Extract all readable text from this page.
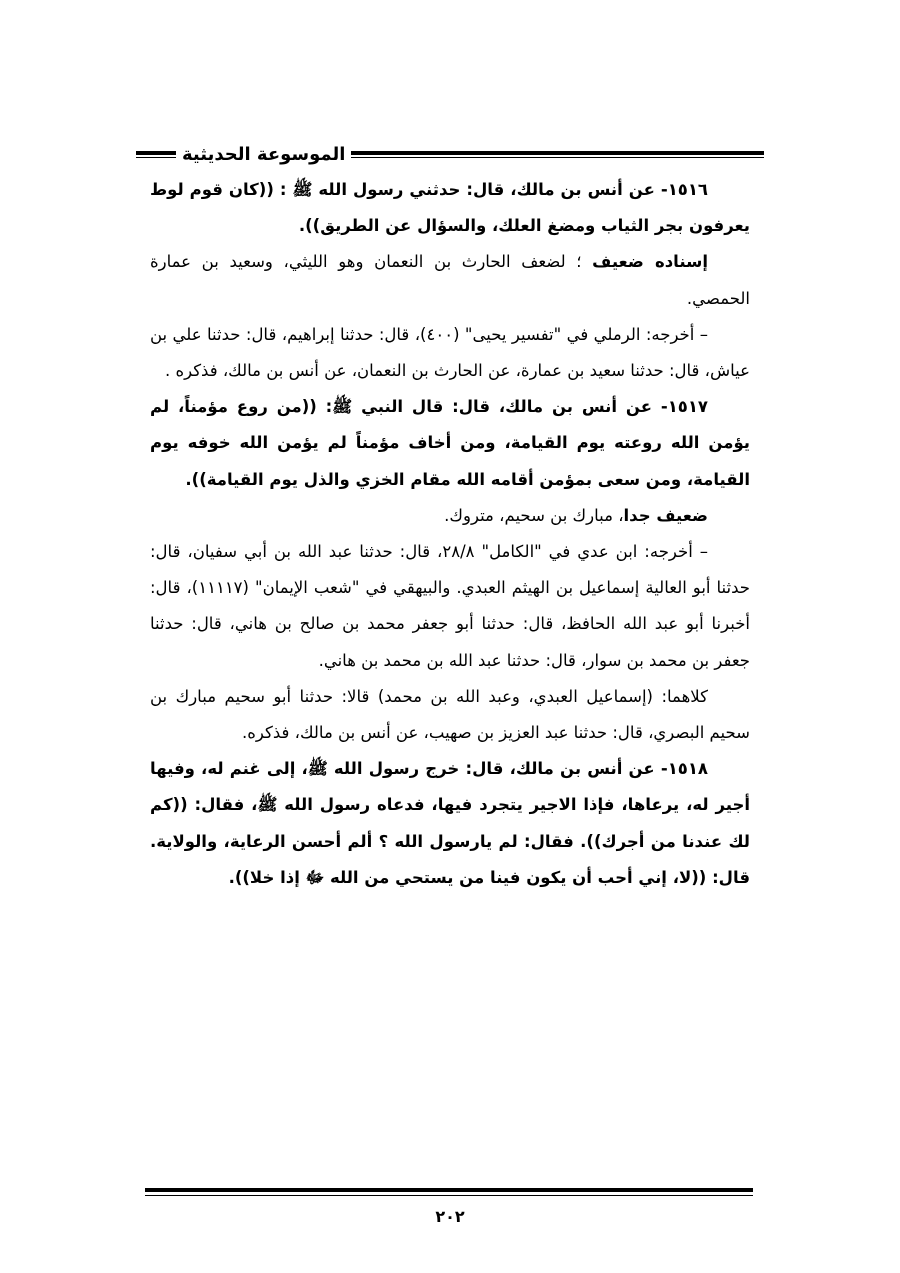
الموسوعة الحديثية

١٥١٦- عن أنس بن مالك، قال: حدثني رسول الله ﷺ : ((كان قوم لوط يعرفون بجر الثياب ومضغ العلك، والسؤال عن الطريق)).

إسناده ضعيف ؛ لضعف الحارث بن النعمان وهو الليثي، وسعيد بن عمارة الحمصي.

– أخرجه: الرملي في "تفسير يحيى" (٤٠٠)، قال: حدثنا إبراهيم، قال: حدثنا علي بن عياش، قال: حدثنا سعيد بن عمارة، عن الحارث بن النعمان، عن أنس بن مالك، فذكره .

١٥١٧- عن أنس بن مالك، قال: قال النبي ﷺ: ((من روع مؤمناً، لم يؤمن الله روعته يوم القيامة، ومن أخاف مؤمناً لم يؤمن الله خوفه يوم القيامة، ومن سعى بمؤمن أقامه الله مقام الخزي والذل يوم القيامة)).

ضعيف جدا، مبارك بن سحيم، متروك.

– أخرجه: ابن عدي في "الكامل" ٢٨/٨، قال: حدثنا عبد الله بن أبي سفيان، قال: حدثنا أبو العالية إسماعيل بن الهيثم العبدي. والبيهقي في "شعب الإيمان" (١١١١٧)، قال: أخبرنا أبو عبد الله الحافظ، قال: حدثنا أبو جعفر محمد بن صالح بن هاني، قال: حدثنا جعفر بن محمد بن سوار، قال: حدثنا عبد الله بن محمد بن هاني.

كلاهما: (إسماعيل العبدي، وعبد الله بن محمد) قالا: حدثنا أبو سحيم مبارك بن سحيم البصري، قال: حدثنا عبد العزيز بن صهيب، عن أنس بن مالك، فذكره.

١٥١٨- عن أنس بن مالك، قال: خرج رسول الله ﷺ، إلى غنم له، وفيها أجير له، يرعاها، فإذا الاجير يتجرد فيها، فدعاه رسول الله ﷺ، فقال: ((كم لك عندنا من أجرك)). فقال: لم يارسول الله ؟ ألم أحسن الرعاية، والولاية. قال: ((لا، إني أحب أن يكون فينا من يستحي من الله ﷻ إذا خلا)).

٢٠٢
